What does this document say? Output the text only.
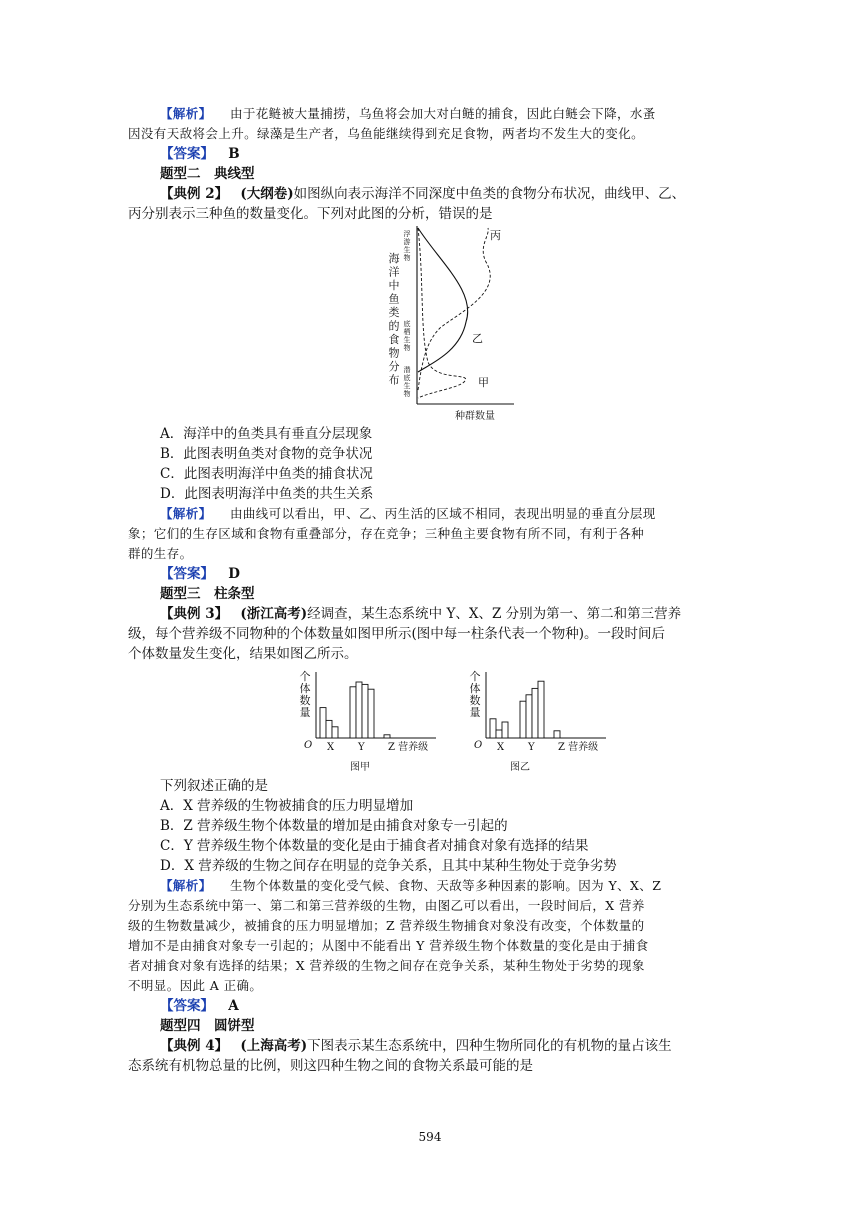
【解析】 由于花鲢被大量捕捞，乌鱼将会加大对白鲢的捕食，因此白鲢会下降，水蚤
因没有天敌将会上升。绿藻是生产者，乌鱼能继续得到充足食物，两者均不发生大的变化。
【答案】 B
题型二　典线型
【典例 2】 (大纲卷)如图纵向表示海洋不同深度中鱼类的食物分布状况，曲线甲、乙、
丙分别表示三种鱼的数量变化。下列对此图的分析，错误的是
海
洋
中
鱼
类
的
食
物
分
布
浮
游
生
物
底
栖
生
物
潜
底
生
物
丙
乙
甲
种群数量
A．海洋中的鱼类具有垂直分层现象
B．此图表明鱼类对食物的竞争状况
C．此图表明海洋中鱼类的捕食状况
D．此图表明海洋中鱼类的共生关系
【解析】 由曲线可以看出，甲、乙、丙生活的区域不相同，表现出明显的垂直分层现
象；它们的生存区域和食物有重叠部分，存在竞争；三种鱼主要食物有所不同，有利于各种
群的生存。
【答案】 D
题型三　柱条型
【典例 3】 (浙江高考)经调查，某生态系统中 Y、X、Z 分别为第一、第二和第三营养
级，每个营养级不同物种的个体数量如图甲所示(图中每一柱条代表一个物种)。一段时间后
个体数量发生变化，结果如图乙所示。
个
体
数
量
O X Y Z 营养级
图甲
个
体
数
量
O X Y Z 营养级
图乙
下列叙述正确的是
A．X 营养级的生物被捕食的压力明显增加
B．Z 营养级生物个体数量的增加是由捕食对象专一引起的
C．Y 营养级生物个体数量的变化是由于捕食者对捕食对象有选择的结果
D．X 营养级的生物之间存在明显的竞争关系，且其中某种生物处于竞争劣势
【解析】 生物个体数量的变化受气候、食物、天敌等多种因素的影响。因为 Y、X、Z
分别为生态系统中第一、第二和第三营养级的生物，由图乙可以看出，一段时间后，X 营养
级的生物数量减少，被捕食的压力明显增加；Z 营养级生物捕食对象没有改变，个体数量的
增加不是由捕食对象专一引起的；从图中不能看出 Y 营养级生物个体数量的变化是由于捕食
者对捕食对象有选择的结果；X 营养级的生物之间存在竞争关系，某种生物处于劣势的现象
不明显。因此 A 正确。
【答案】 A
题型四　圆饼型
【典例 4】 (上海高考)下图表示某生态系统中，四种生物所同化的有机物的量占该生
态系统有机物总量的比例，则这四种生物之间的食物关系最可能的是
594
